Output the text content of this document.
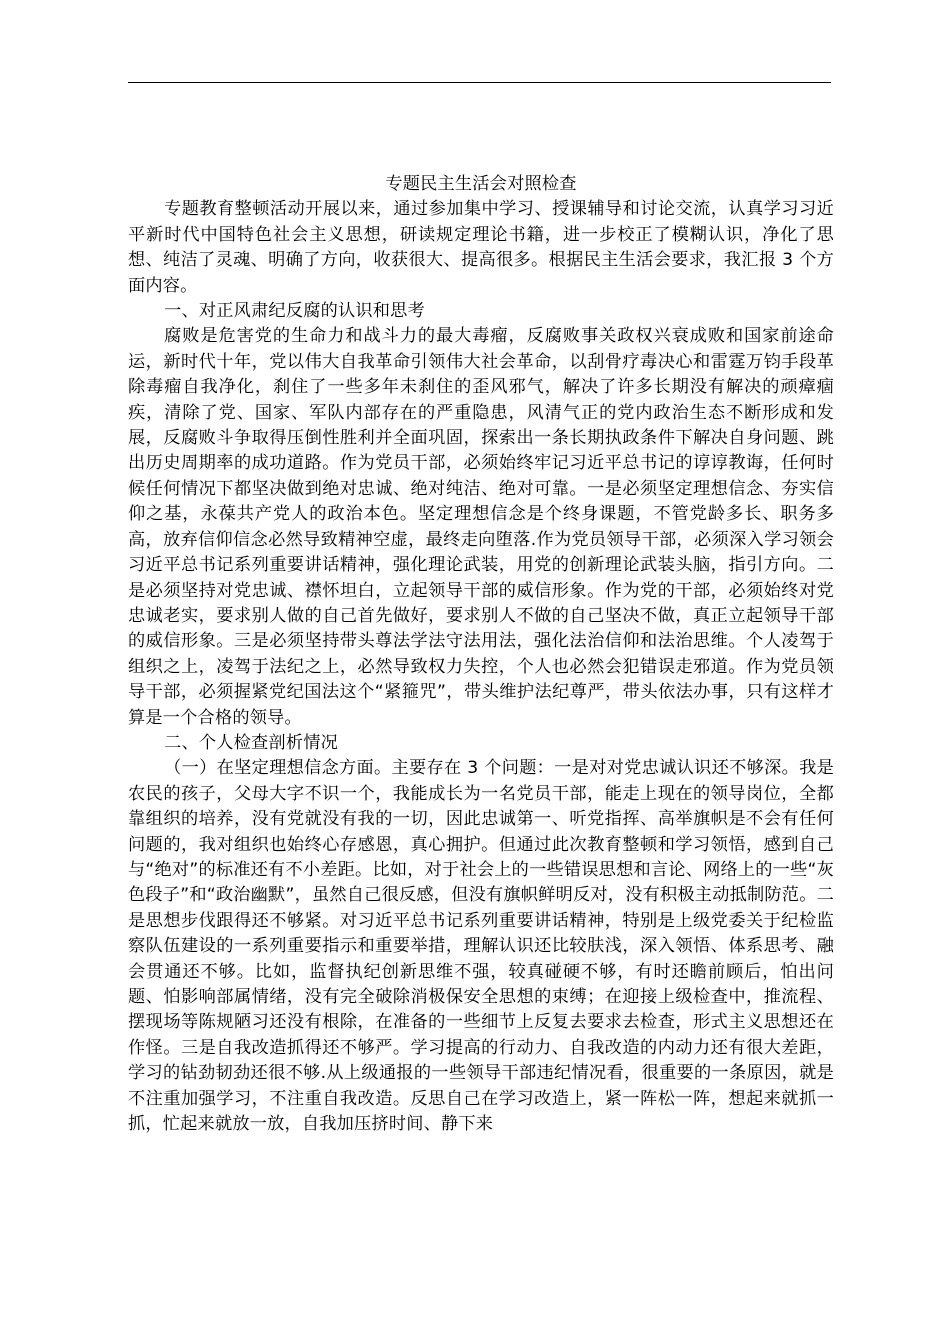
专题民主生活会对照检查

专题教育整顿活动开展以来，通过参加集中学习、授课辅导和讨论交流，认真学习习近平新时代中国特色社会主义思想，研读规定理论书籍，进一步校正了模糊认识，净化了思想、纯洁了灵魂、明确了方向，收获很大、提高很多。根据民主生活会要求，我汇报 3 个方面内容。

一、对正风肃纪反腐的认识和思考

腐败是危害党的生命力和战斗力的最大毒瘤，反腐败事关政权兴衰成败和国家前途命运，新时代十年，党以伟大自我革命引领伟大社会革命，以刮骨疗毒决心和雷霆万钧手段革除毒瘤自我净化，刹住了一些多年未刹住的歪风邪气，解决了许多长期没有解决的顽瘴痼疾，清除了党、国家、军队内部存在的严重隐患，风清气正的党内政治生态不断形成和发展，反腐败斗争取得压倒性胜利并全面巩固，探索出一条长期执政条件下解决自身问题、跳出历史周期率的成功道路。作为党员干部，必须始终牢记习近平总书记的谆谆教诲，任何时候任何情况下都坚决做到绝对忠诚、绝对纯洁、绝对可靠。一是必须坚定理想信念、夯实信仰之基，永葆共产党人的政治本色。坚定理想信念是个终身课题，不管党龄多长、职务多高，放弃信仰信念必然导致精神空虚，最终走向堕落.作为党员领导干部，必须深入学习领会习近平总书记系列重要讲话精神，强化理论武装，用党的创新理论武装头脑，指引方向。二是必须坚持对党忠诚、襟怀坦白，立起领导干部的威信形象。作为党的干部，必须始终对党忠诚老实，要求别人做的自己首先做好，要求别人不做的自己坚决不做，真正立起领导干部的威信形象。三是必须坚持带头尊法学法守法用法，强化法治信仰和法治思维。个人凌驾于组织之上，凌驾于法纪之上，必然导致权力失控，个人也必然会犯错误走邪道。作为党员领导干部，必须握紧党纪国法这个“紧箍咒”，带头维护法纪尊严，带头依法办事，只有这样才算是一个合格的领导。

二、个人检查剖析情况

（一）在坚定理想信念方面。主要存在 3 个问题：一是对对党忠诚认识还不够深。我是农民的孩子，父母大字不识一个，我能成长为一名党员干部，能走上现在的领导岗位，全都靠组织的培养，没有党就没有我的一切，因此忠诚第一、听党指挥、高举旗帜是不会有任何问题的，我对组织也始终心存感恩，真心拥护。但通过此次教育整顿和学习领悟，感到自己与“绝对”的标准还有不小差距。比如，对于社会上的一些错误思想和言论、网络上的一些“灰色段子”和“政治幽默”，虽然自己很反感，但没有旗帜鲜明反对，没有积极主动抵制防范。二是思想步伐跟得还不够紧。对习近平总书记系列重要讲话精神，特别是上级党委关于纪检监察队伍建设的一系列重要指示和重要举措，理解认识还比较肤浅，深入领悟、体系思考、融会贯通还不够。比如，监督执纪创新思维不强，较真碰硬不够，有时还瞻前顾后，怕出问题、怕影响部属情绪，没有完全破除消极保安全思想的束缚；在迎接上级检查中，推流程、摆现场等陈规陋习还没有根除，在准备的一些细节上反复去要求去检查，形式主义思想还在作怪。三是自我改造抓得还不够严。学习提高的行动力、自我改造的内动力还有很大差距，学习的钻劲韧劲还很不够.从上级通报的一些领导干部违纪情况看，很重要的一条原因，就是不注重加强学习，不注重自我改造。反思自己在学习改造上，紧一阵松一阵，想起来就抓一抓，忙起来就放一放，自我加压挤时间、静下来
